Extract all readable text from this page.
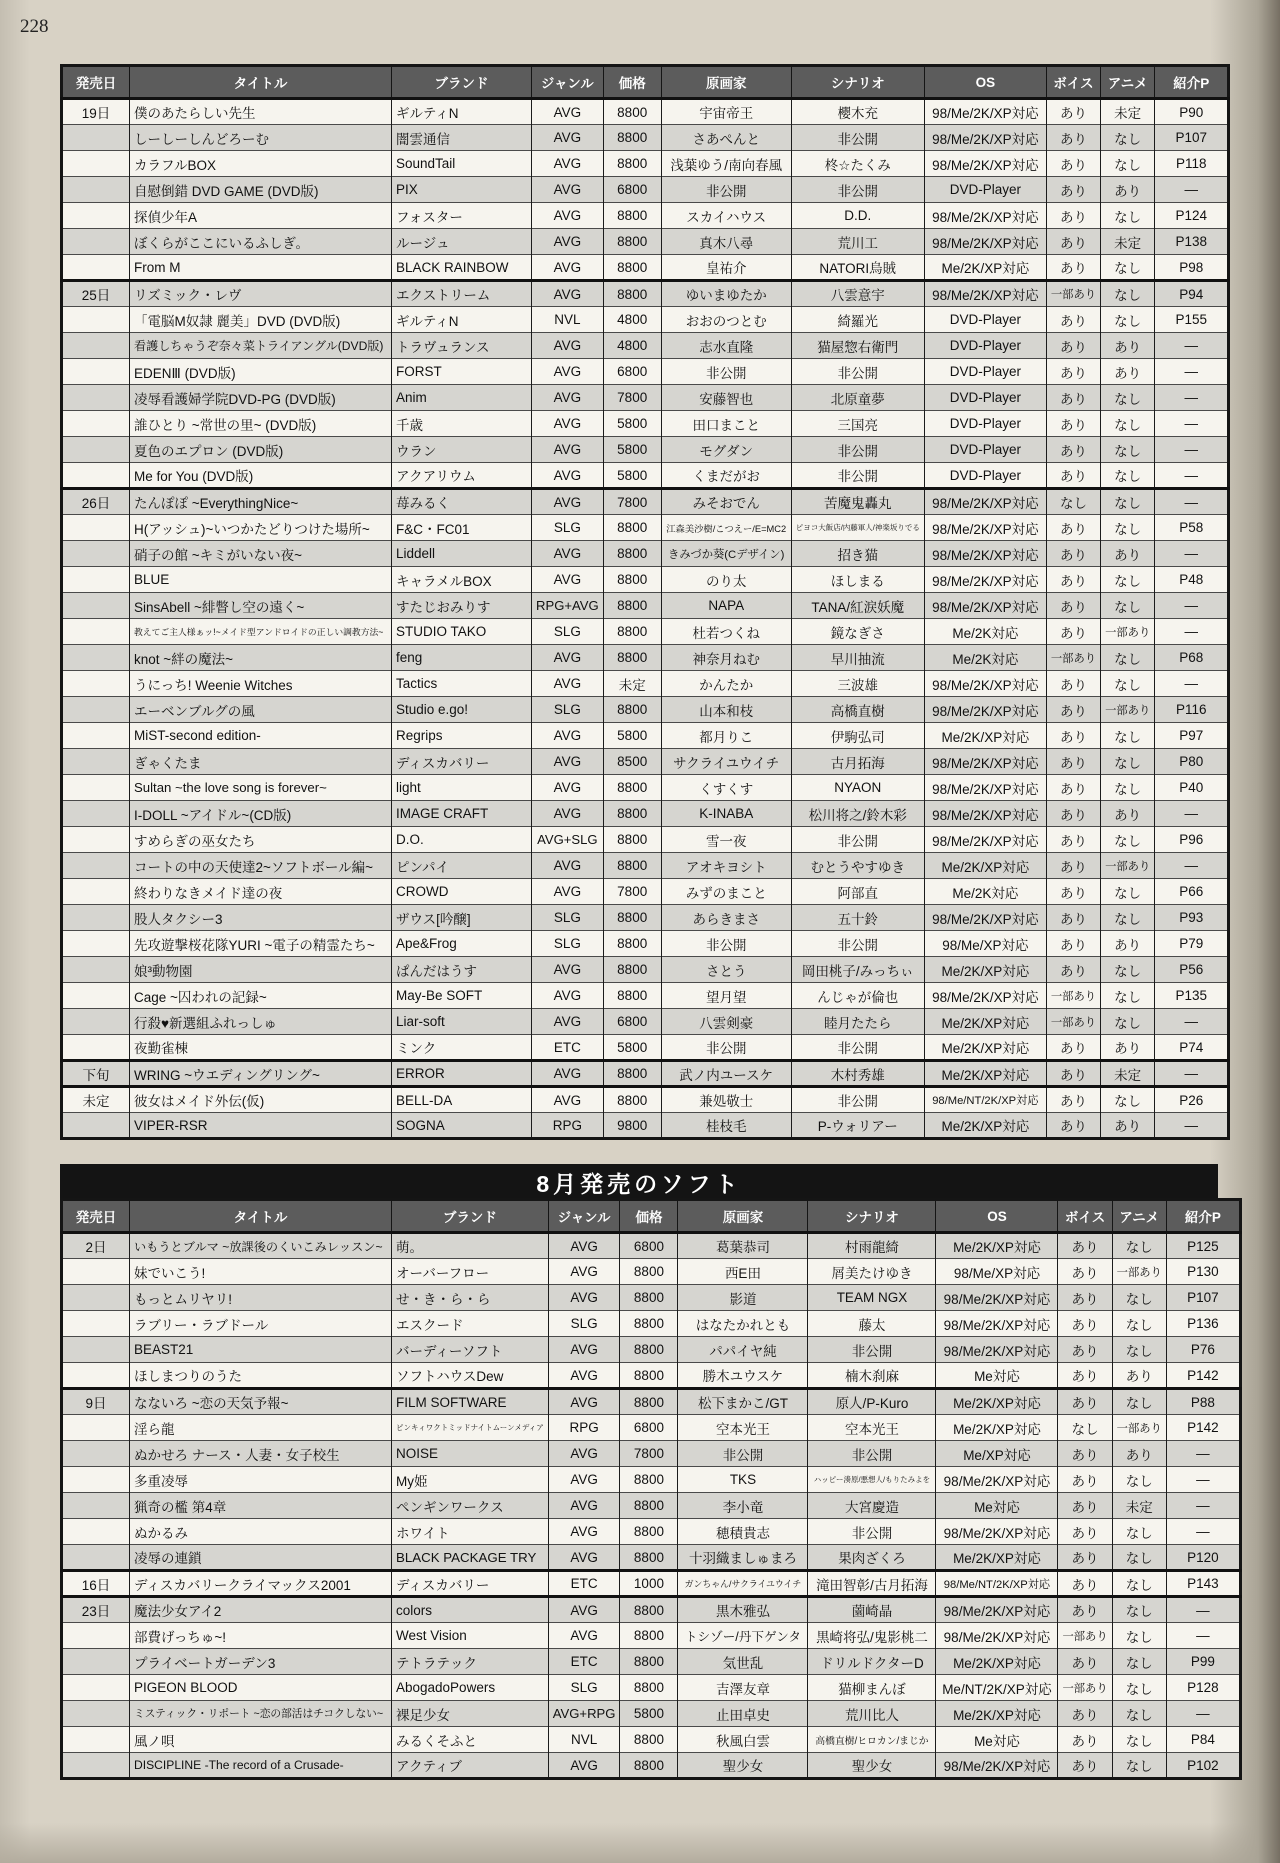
228
発売日	タイトル	ブランド	ジャンル	価格	原画家	シナリオ	OS	ボイス	アニメ	紹介P
19日	僕のあたらしい先生	ギルティN	AVG	8800	宇宙帝王	櫻木充	98/Me/2K/XP対応	あり	未定	P90
	しーしーしんどろーむ	闇雲通信	AVG	8800	さあぺんと	非公開	98/Me/2K/XP対応	あり	なし	P107
	カラフルBOX	SoundTail	AVG	8800	浅葉ゆう/南向春風	柊☆たくみ	98/Me/2K/XP対応	あり	なし	P118
	自慰倒錯 DVD GAME (DVD版)	PIX	AVG	6800	非公開	非公開	DVD-Player	あり	あり	—
	探偵少年A	フォスター	AVG	8800	スカイハウス	D.D.	98/Me/2K/XP対応	あり	なし	P124
	ぼくらがここにいるふしぎ。	ルージュ	AVG	8800	真木八尋	荒川工	98/Me/2K/XP対応	あり	未定	P138
	From M	BLACK RAINBOW	AVG	8800	皇祐介	NATORI烏賊	Me/2K/XP対応	あり	なし	P98
25日	リズミック・レヴ	エクストリーム	AVG	8800	ゆいまゆたか	八雲意宇	98/Me/2K/XP対応	一部あり	なし	P94
	「電脳M奴隷 麗美」DVD (DVD版)	ギルティN	NVL	4800	おおのつとむ	綺羅光	DVD-Player	あり	なし	P155
	看護しちゃうぞ奈々菜トライアングル(DVD版)	トラヴュランス	AVG	4800	志水直隆	猫屋惣右衛門	DVD-Player	あり	あり	—
	EDENⅢ (DVD版)	FORST	AVG	6800	非公開	非公開	DVD-Player	あり	あり	—
	凌辱看護婦学院DVD-PG (DVD版)	Anim	AVG	7800	安藤智也	北原童夢	DVD-Player	あり	なし	—
	誰ひとり ~常世の里~ (DVD版)	千歳	AVG	5800	田口まこと	三国亮	DVD-Player	あり	なし	—
	夏色のエプロン (DVD版)	ウラン	AVG	5800	モグダン	非公開	DVD-Player	あり	なし	—
	Me for You (DVD版)	アクアリウム	AVG	5800	くまだがお	非公開	DVD-Player	あり	なし	—
26日	たんぽぽ ~EverythingNice~	苺みるく	AVG	7800	みそおでん	苦魔鬼轟丸	98/Me/2K/XP対応	なし	なし	—
	H(アッシュ)~いつかたどりつけた場所~	F&C・FC01	SLG	8800	江森美沙樹/こつえー/E=MC2	ピヨコ大飯店/内藤軍人/神楽坂りでる	98/Me/2K/XP対応	あり	なし	P58
	硝子の館 ~キミがいない夜~	Liddell	AVG	8800	きみづか葵(Cデザイン)	招き猫	98/Me/2K/XP対応	あり	あり	—
	BLUE	キャラメルBOX	AVG	8800	のり太	ほしまる	98/Me/2K/XP対応	あり	なし	P48
	SinsAbell ~緋瞥し空の遠く~	すたじおみりす	RPG+AVG	8800	NAPA	TANA/紅涙妖魔	98/Me/2K/XP対応	あり	なし	—
	教えてご主人様ぁッ!~メイド型アンドロイドの正しい調教方法~	STUDIO TAKO	SLG	8800	杜若つくね	鏡なぎさ	Me/2K対応	あり	一部あり	—
	knot ~絆の魔法~	feng	AVG	8800	神奈月ねむ	早川抽流	Me/2K対応	一部あり	なし	P68
	うにっち! Weenie Witches	Tactics	AVG	未定	かんたか	三波雄	98/Me/2K/XP対応	あり	なし	—
	エーベンブルグの風	Studio e.go!	SLG	8800	山本和枝	高橋直樹	98/Me/2K/XP対応	あり	一部あり	P116
	MiST-second edition-	Regrips	AVG	5800	都月りこ	伊駒弘司	Me/2K/XP対応	あり	なし	P97
	ぎゃくたま	ディスカバリー	AVG	8500	サクライユウイチ	古月拓海	98/Me/2K/XP対応	あり	なし	P80
	Sultan ~the love song is forever~	light	AVG	8800	くすくす	NYAON	98/Me/2K/XP対応	あり	なし	P40
	I-DOLL ~アイドル~(CD版)	IMAGE CRAFT	AVG	8800	K-INABA	松川将之/鈴木彩	98/Me/2K/XP対応	あり	あり	—
	すめらぎの巫女たち	D.O.	AVG+SLG	8800	雪一夜	非公開	98/Me/2K/XP対応	あり	なし	P96
	コートの中の天使達2~ソフトボール編~	ピンパイ	AVG	8800	アオキヨシト	むとうやすゆき	Me/2K/XP対応	あり	一部あり	—
	終わりなきメイド達の夜	CROWD	AVG	7800	みずのまこと	阿部直	Me/2K対応	あり	なし	P66
	股人タクシー3	ザウス[吟醸]	SLG	8800	あらきまさ	五十鈴	98/Me/2K/XP対応	あり	なし	P93
	先攻遊撃桜花隊YURI ~電子の精霊たち~	Ape&Frog	SLG	8800	非公開	非公開	98/Me/XP対応	あり	あり	P79
	娘³動物園	ぱんだはうす	AVG	8800	さとう	岡田桃子/みっちぃ	Me/2K/XP対応	あり	なし	P56
	Cage ~囚われの記録~	May-Be SOFT	AVG	8800	望月望	んじゃが倫也	98/Me/2K/XP対応	一部あり	なし	P135
	行殺♥新選組ふれっしゅ	Liar-soft	AVG	6800	八雲剣豪	睦月たたら	Me/2K/XP対応	一部あり	なし	—
	夜勤雀棟	ミンク	ETC	5800	非公開	非公開	Me/2K/XP対応	あり	あり	P74
下旬	WRING ~ウエディングリング~	ERROR	AVG	8800	武ノ内ユースケ	木村秀雄	Me/2K/XP対応	あり	未定	—
未定	彼女はメイド外伝(仮)	BELL-DA	AVG	8800	兼処敬士	非公開	98/Me/NT/2K/XP対応	あり	なし	P26
	VIPER-RSR	SOGNA	RPG	9800	桂枝毛	P-ウォリアー	Me/2K/XP対応	あり	あり	—
8月発売のソフト
発売日	タイトル	ブランド	ジャンル	価格	原画家	シナリオ	OS	ボイス	アニメ	紹介P
2日	いもうとブルマ ~放課後のくいこみレッスン~	萌。	AVG	6800	葛葉恭司	村雨龍綺	Me/2K/XP対応	あり	なし	P125
	妹でいこう!	オーバーフロー	AVG	8800	西E田	屑美たけゆき	98/Me/XP対応	あり	一部あり	P130
	もっとムリヤリ!	せ・き・ら・ら	AVG	8800	影道	TEAM NGX	98/Me/2K/XP対応	あり	なし	P107
	ラブリー・ラブドール	エスクード	SLG	8800	はなたかれとも	藤太	98/Me/2K/XP対応	あり	なし	P136
	BEAST21	バーディーソフト	AVG	8800	パパイヤ純	非公開	98/Me/2K/XP対応	あり	なし	P76
	ほしまつりのうた	ソフトハウスDew	AVG	8800	勝木ユウスケ	楠木刹麻	Me対応	あり	あり	P142
9日	なないろ ~恋の天気予報~	FILM SOFTWARE	AVG	8800	松下まかこ/GT	原人/P-Kuro	Me/2K/XP対応	あり	なし	P88
	淫ら龍	ピンキィワクトミッドナイトムーンメディア	RPG	6800	空本光王	空本光王	Me/2K/XP対応	なし	一部あり	P142
	ぬかせろ ナース・人妻・女子校生	NOISE	AVG	7800	非公開	非公開	Me/XP対応	あり	あり	—
	多重凌辱	My姫	AVG	8800	TKS	ハッピー湊原/悪想人/もりたみよを	98/Me/2K/XP対応	あり	なし	—
	猟奇の檻 第4章	ペンギンワークス	AVG	8800	李小竜	大宮慶造	Me対応	あり	未定	—
	ぬかるみ	ホワイト	AVG	8800	穂積貴志	非公開	98/Me/2K/XP対応	あり	なし	—
	凌辱の連鎖	BLACK PACKAGE TRY	AVG	8800	十羽織ましゅまろ	果肉ざくろ	Me/2K/XP対応	あり	なし	P120
16日	ディスカバリークライマックス2001	ディスカバリー	ETC	1000	ガンちゃん/サクライユウイチ	滝田智彰/古月拓海	98/Me/NT/2K/XP対応	あり	なし	P143
23日	魔法少女アイ2	colors	AVG	8800	黒木雅弘	薗崎晶	98/Me/2K/XP対応	あり	なし	—
	部費げっちゅ~!	West Vision	AVG	8800	トシゾー/丹下ゲンタ	黒崎将弘/鬼影桃二	98/Me/2K/XP対応	一部あり	なし	—
	プライベートガーデン3	テトラテック	ETC	8800	気世乱	ドリルドクターD	Me/2K/XP対応	あり	なし	P99
	PIGEON BLOOD	AbogadoPowers	SLG	8800	吉澤友章	猫柳まんぼ	Me/NT/2K/XP対応	一部あり	なし	P128
	ミスティック・リポート ~恋の部活はチコクしない~	裸足少女	AVG+RPG	5800	止田卓史	荒川比人	Me/2K/XP対応	あり	なし	—
	風ノ唄	みるくそふと	NVL	8800	秋風白雲	高橋直樹/ヒロカン/まじか	Me対応	あり	なし	P84
	DISCIPLINE -The record of a Crusade-	アクティブ	AVG	8800	聖少女	聖少女	98/Me/2K/XP対応	あり	なし	P102
